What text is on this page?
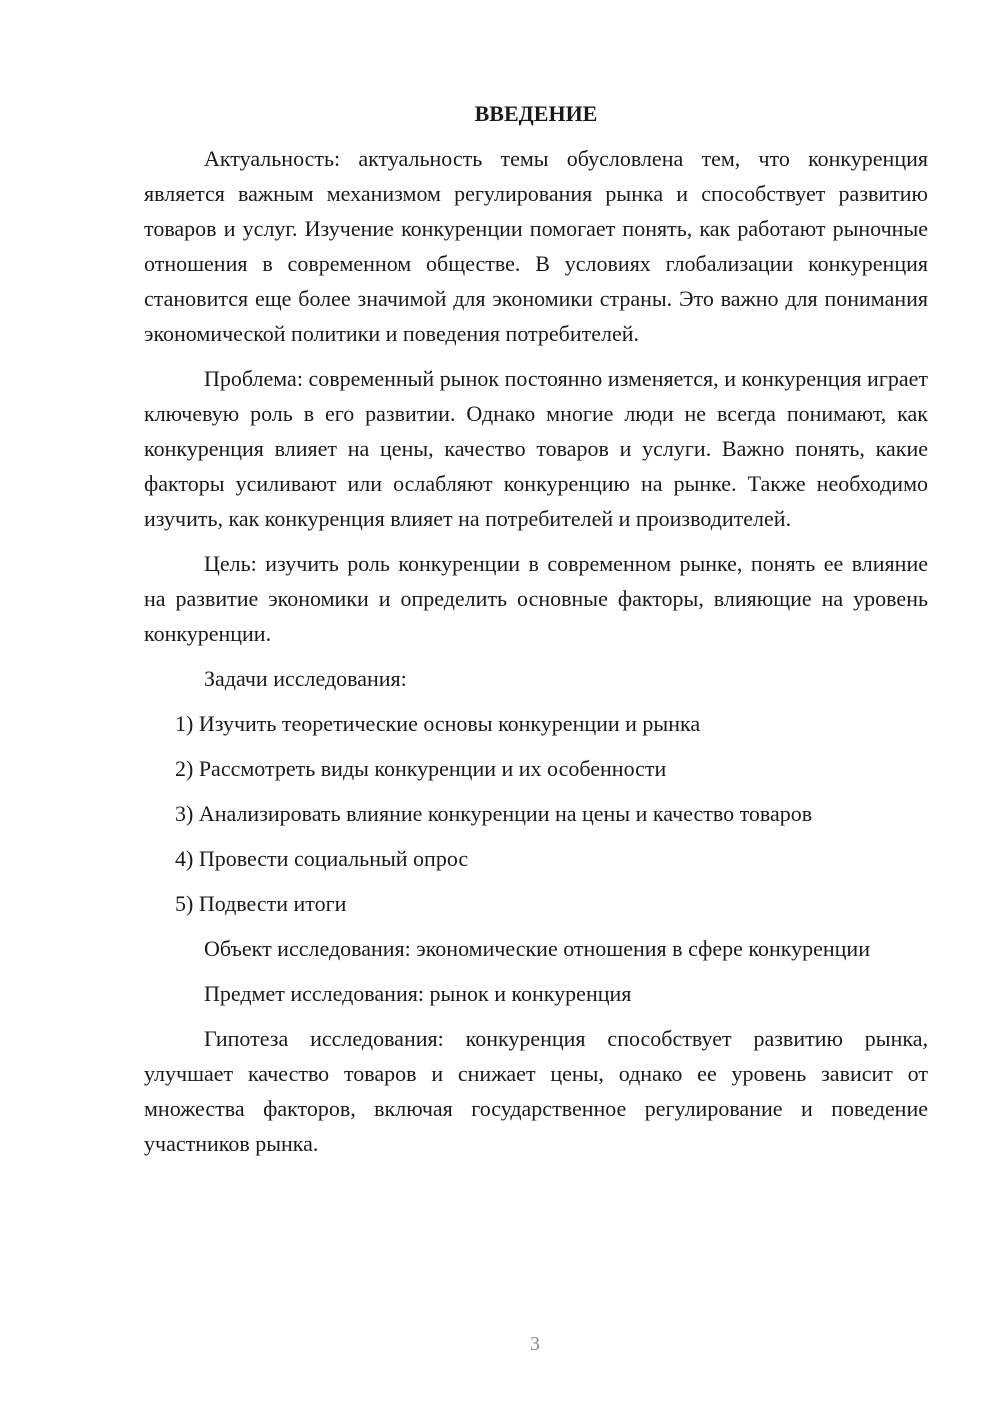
ВВЕДЕНИЕ

Актуальность: актуальность темы обусловлена тем, что конкуренция является важным механизмом регулирования рынка и способствует развитию товаров и услуг. Изучение конкуренции помогает понять, как работают рыночные отношения в современном обществе. В условиях глобализации конкуренция становится еще более значимой для экономики страны. Это важно для понимания экономической политики и поведения потребителей.

Проблема: современный рынок постоянно изменяется, и конкуренция играет ключевую роль в его развитии. Однако многие люди не всегда понимают, как конкуренция влияет на цены, качество товаров и услуги. Важно понять, какие факторы усиливают или ослабляют конкуренцию на рынке. Также необходимо изучить, как конкуренция влияет на потребителей и производителей.

Цель: изучить роль конкуренции в современном рынке, понять ее влияние на развитие экономики и определить основные факторы, влияющие на уровень конкуренции.

Задачи исследования:

1) Изучить теоретические основы конкуренции и рынка
2) Рассмотреть виды конкуренции и их особенности
3) Анализировать влияние конкуренции на цены и качество товаров
4) Провести социальный опрос
5) Подвести итоги

Объект исследования: экономические отношения в сфере конкуренции

Предмет исследования: рынок и конкуренция

Гипотеза исследования: конкуренция способствует развитию рынка, улучшает качество товаров и снижает цены, однако ее уровень зависит от множества факторов, включая государственное регулирование и поведение участников рынка.

3
